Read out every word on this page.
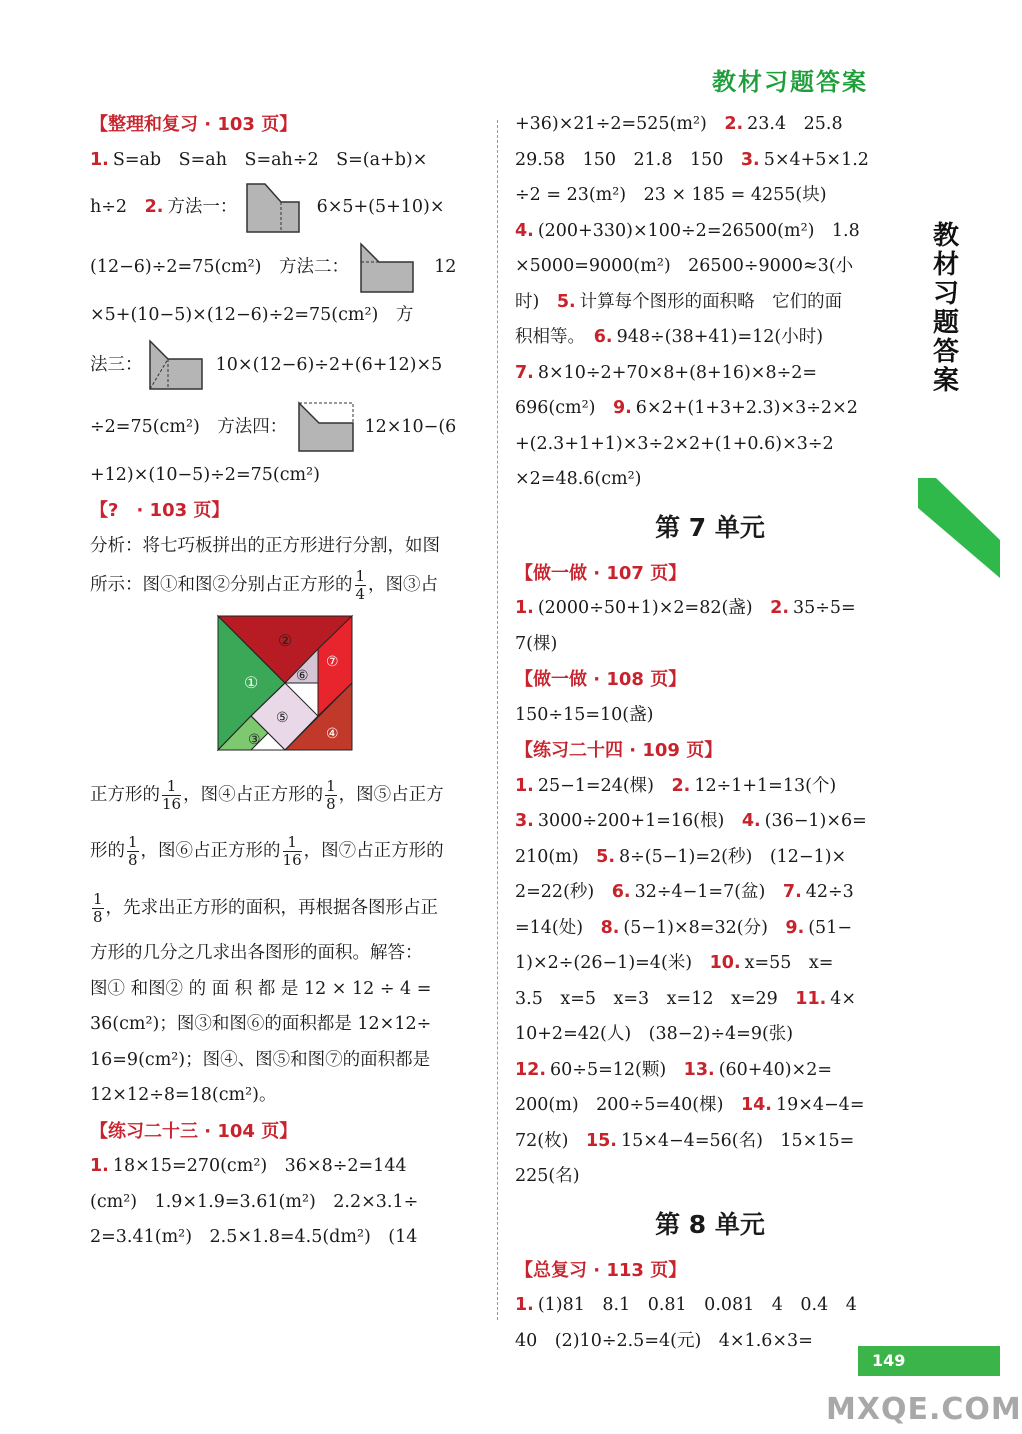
教材习题答案
教材习题答案
【整理和复习 · 103 页】
1. S=ab　S=ah　S=ah÷2　S=(a+b)×
h÷2　2. 方法一：	6×5+(5+10)×
(12−6)÷2=75(cm²)　方法二：	12
×5+(10−5)×(12−6)÷2=75(cm²)　方
法三：	10×(12−6)÷2+(6+12)×5
÷2=75(cm²)　方法四：	12×10−(6
+12)×(10−5)÷2=75(cm²)
【?　· 103 页】
分析：将七巧板拼出的正方形进行分割，如图
所示：图①和图②分别占正方形的 $\frac{1}{4}$ ，图③占
①
②
③	④
⑤
⑥
⑦
正方形的 $\frac{1}{16}$ ，图④占正方形的 $\frac{1}{8}$ ，图⑤占正方
形的 $\frac{1}{8}$ ，图⑥占正方形的 $\frac{1}{16}$ ，图⑦占正方形的
$\frac{1}{8}$ ，先求出正方形的面积，再根据各图形占正
方形的几分之几求出各图形的面积。解答：
图① 和图② 的 面 积 都 是 12 × 12 ÷ 4 =
36(cm²)；图③和图⑥的面积都是 12×12÷
16=9(cm²)；图④、图⑤和图⑦的面积都是
12×12÷8=18(cm²)。
【练习二十三 · 104 页】
1. 18×15=270(cm²)　36×8÷2=144
(cm²)　1.9×1.9=3.61(m²)　2.2×3.1÷
2=3.41(m²)　2.5×1.8=4.5(dm²)　(14
+36)×21÷2=525(m²)　2. 23.4　25.8
29.58　150　21.8　150　3. 5×4+5×1.2
÷2 = 23(m²)　23 × 185 = 4255(块)
4. (200+330)×100÷2=26500(m²)　1.8
×5000=9000(m²)　26500÷9000≈3(小
时)　5. 计算每个图形的面积略　它们的面
积相等。　6. 948÷(38+41)=12(小时)
7. 8×10÷2+70×8+(8+16)×8÷2=
696(cm²)　9. 6×2+(1+3+2.3)×3÷2×2
+(2.3+1+1)×3÷2×2+(1+0.6)×3÷2
×2=48.6(cm²)
第 7 单元
【做一做 · 107 页】
1. (2000÷50+1)×2=82(盏)　2. 35÷5=
7(棵)
【做一做 · 108 页】
150÷15=10(盏)
【练习二十四 · 109 页】
1. 25−1=24(棵)　2. 12÷1+1=13(个)
3. 3000÷200+1=16(根)　4. (36−1)×6=
210(m)　5. 8÷(5−1)=2(秒)　(12−1)×
2=22(秒)　6. 32÷4−1=7(盆)　7. 42÷3
=14(处)　8. (5−1)×8=32(分)　9. (51−
1)×2÷(26−1)=4(米)　10. x=55　x=
3.5　x=5　x=3　x=12　x=29　11. 4×
10+2=42(人)　(38−2)÷4=9(张)
12. 60÷5=12(颗)　13. (60+40)×2=
200(m)　200÷5=40(棵)　14. 19×4−4=
72(枚)　15. 15×4−4=56(名)　15×15=
225(名)
第 8 单元
【总复习 · 113 页】
1. (1)81　8.1　0.81　0.081　4　0.4　4
40　(2)10÷2.5=4(元)　4×1.6×3=
149
MXQE.COM
